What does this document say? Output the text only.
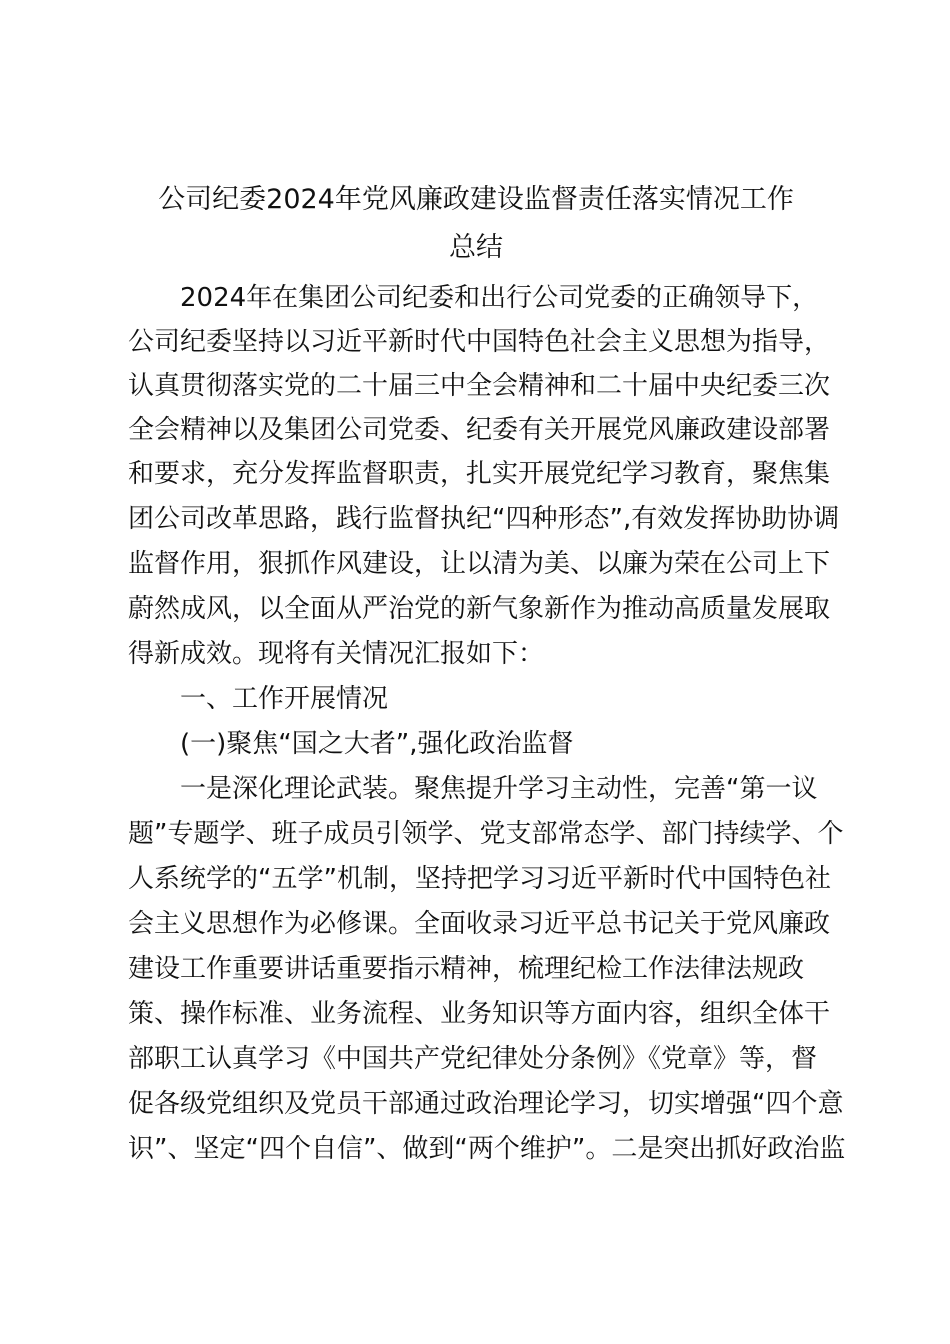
公司纪委2024年党风廉政建设监督责任落实情况工作
总结
2024年在集团公司纪委和出行公司党委的正确领导下，
公司纪委坚持以习近平新时代中国特色社会主义思想为指导，
认真贯彻落实党的二十届三中全会精神和二十届中央纪委三次
全会精神以及集团公司党委、纪委有关开展党风廉政建设部署
和要求，充分发挥监督职责，扎实开展党纪学习教育，聚焦集
团公司改革思路，践行监督执纪“四种形态”,有效发挥协助协调
监督作用，狠抓作风建设，让以清为美、以廉为荣在公司上下
蔚然成风，以全面从严治党的新气象新作为推动高质量发展取
得新成效。现将有关情况汇报如下：
一、工作开展情况
(一)聚焦“国之大者”,强化政治监督
一是深化理论武装。聚焦提升学习主动性，完善“第一议
题”专题学、班子成员引领学、党支部常态学、部门持续学、个
人系统学的“五学”机制，坚持把学习习近平新时代中国特色社
会主义思想作为必修课。全面收录习近平总书记关于党风廉政
建设工作重要讲话重要指示精神，梳理纪检工作法律法规政
策、操作标准、业务流程、业务知识等方面内容，组织全体干
部职工认真学习《中国共产党纪律处分条例》《党章》等，督
促各级党组织及党员干部通过政治理论学习，切实增强“四个意
识”、坚定“四个自信”、做到“两个维护”。二是突出抓好政治监
